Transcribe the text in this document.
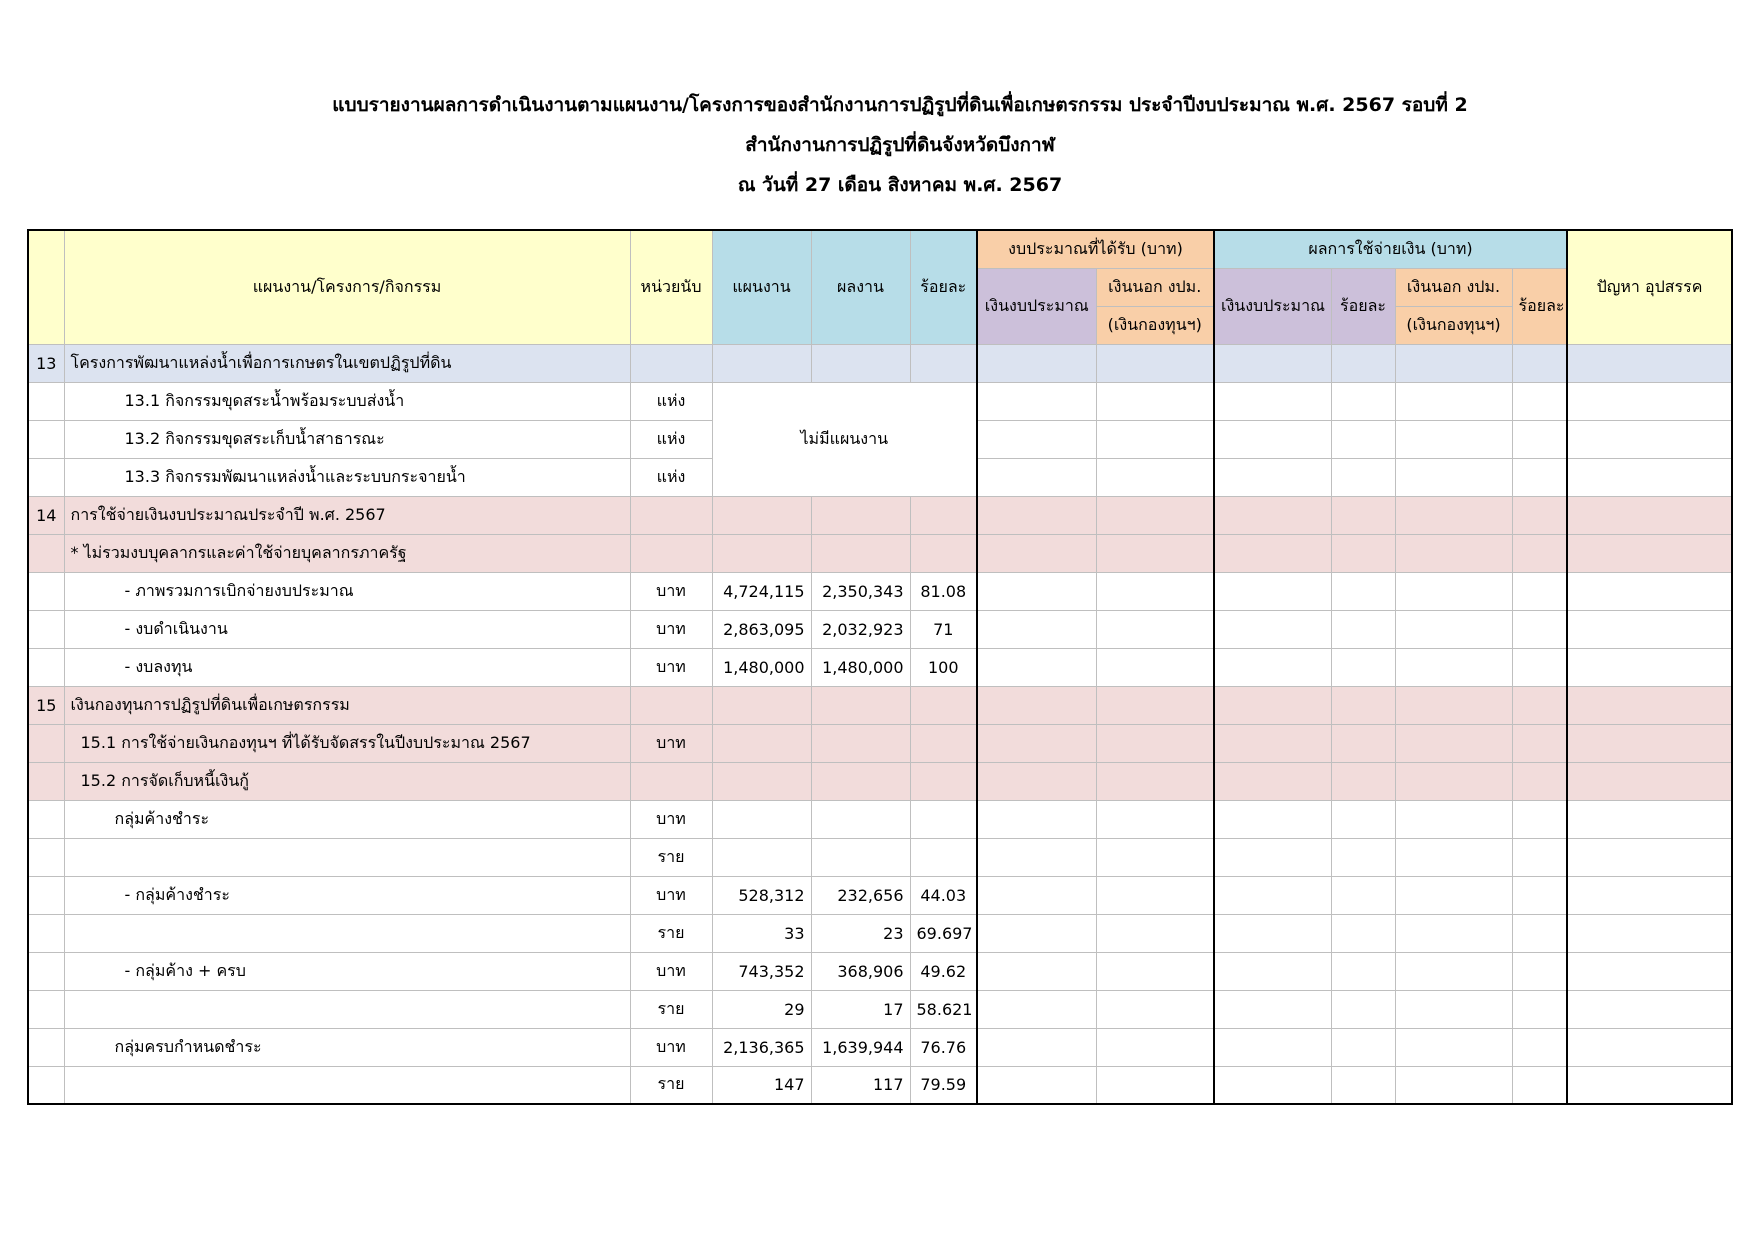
แบบรายงานผลการดำเนินงานตามแผนงาน/โครงการของสำนักงานการปฏิรูปที่ดินเพื่อเกษตรกรรม ประจำปีงบประมาณ พ.ศ. 2567 รอบที่ 2
สำนักงานการปฏิรูปที่ดินจังหวัดบึงกาฬ
ณ วันที่ 27 เดือน สิงหาคม พ.ศ. 2567
	แผนงาน/โครงการ/กิจกรรม	หน่วยนับ	แผนงาน	ผลงาน	ร้อยละ	งบประมาณที่ได้รับ (บาท)		ผลการใช้จ่ายเงิน (บาท)				ปัญหา อุปสรรค
						เงินงบประมาณ	เงินนอก งปม.	เงินงบประมาณ	ร้อยละ	เงินนอก งปม.	ร้อยละ	
							(เงินกองทุนฯ)			(เงินกองทุนฯ)		
13	โครงการพัฒนาแหล่งน้ำเพื่อการเกษตรในเขตปฏิรูปที่ดิน											
	13.1 กิจกรรมขุดสระน้ำพร้อมระบบส่งน้ำ	แห่ง	ไม่มีแผนงาน									
	13.2 กิจกรรมขุดสระเก็บน้ำสาธารณะ	แห่ง										
	13.3 กิจกรรมพัฒนาแหล่งน้ำและระบบกระจายน้ำ	แห่ง										
14	การใช้จ่ายเงินงบประมาณประจำปี พ.ศ. 2567											
	* ไม่รวมงบบุคลากรและค่าใช้จ่ายบุคลากรภาครัฐ											
	- ภาพรวมการเบิกจ่ายงบประมาณ	บาท	4,724,115	2,350,343	81.08							
	- งบดำเนินงาน	บาท	2,863,095	2,032,923	71							
	- งบลงทุน	บาท	1,480,000	1,480,000	100							
15	เงินกองทุนการปฏิรูปที่ดินเพื่อเกษตรกรรม											
	15.1 การใช้จ่ายเงินกองทุนฯ ที่ได้รับจัดสรรในปีงบประมาณ 2567	บาท										
	15.2 การจัดเก็บหนี้เงินกู้											
	กลุ่มค้างชำระ	บาท										
		ราย										
	- กลุ่มค้างชำระ	บาท	528,312	232,656	44.03							
		ราย	33	23	69.697							
	- กลุ่มค้าง + ครบ	บาท	743,352	368,906	49.62							
		ราย	29	17	58.621							
	กลุ่มครบกำหนดชำระ	บาท	2,136,365	1,639,944	76.76							
		ราย	147	117	79.59							
